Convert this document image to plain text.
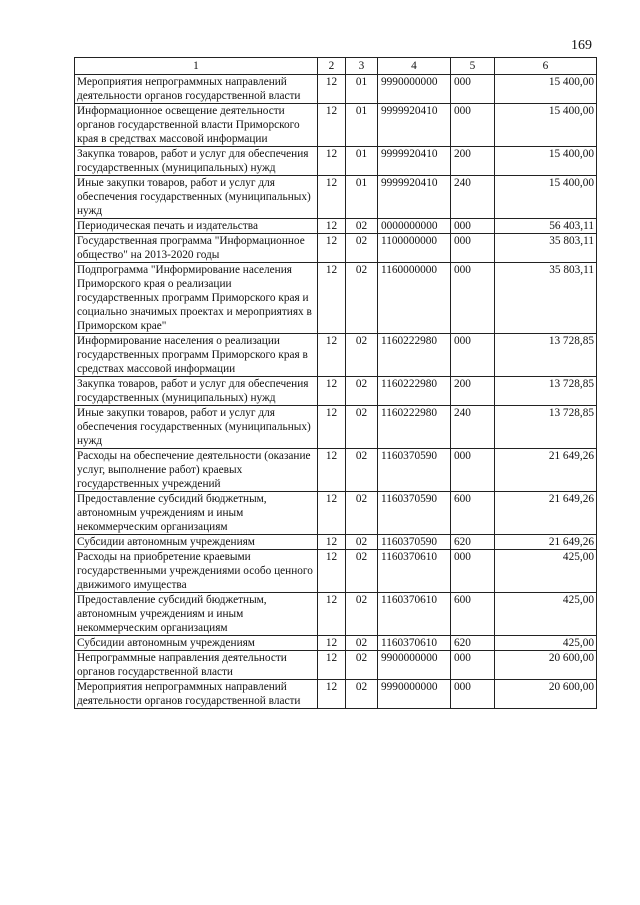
169
1	2	3	4	5	6
Мероприятия непрограммных направлений деятельности органов государственной власти	12	01	9990000000	000	15 400,00
Информационное освещение деятельности органов государственной власти Приморского края в средствах массовой информации	12	01	9999920410	000	15 400,00
Закупка товаров, работ и услуг для обеспечения государственных (муниципальных) нужд	12	01	9999920410	200	15 400,00
Иные закупки товаров, работ и услуг для обеспечения государственных (муниципальных) нужд	12	01	9999920410	240	15 400,00
Периодическая печать и издательства	12	02	0000000000	000	56 403,11
Государственная программа "Информационное общество" на 2013-2020 годы	12	02	1100000000	000	35 803,11
Подпрограмма "Информирование населения Приморского края о реализации государственных программ Приморского края и социально значимых проектах и мероприятиях в Приморском крае"	12	02	1160000000	000	35 803,11
Информирование населения о реализации государственных программ Приморского края в средствах массовой информации	12	02	1160222980	000	13 728,85
Закупка товаров, работ и услуг для обеспечения государственных (муниципальных) нужд	12	02	1160222980	200	13 728,85
Иные закупки товаров, работ и услуг для обеспечения государственных (муниципальных) нужд	12	02	1160222980	240	13 728,85
Расходы на обеспечение деятельности (оказание услуг, выполнение работ) краевых государственных учреждений	12	02	1160370590	000	21 649,26
Предоставление субсидий бюджетным, автономным учреждениям и иным некоммерческим организациям	12	02	1160370590	600	21 649,26
Субсидии автономным учреждениям	12	02	1160370590	620	21 649,26
Расходы на приобретение краевыми государственными учреждениями особо ценного движимого имущества	12	02	1160370610	000	425,00
Предоставление субсидий бюджетным, автономным учреждениям и иным некоммерческим организациям	12	02	1160370610	600	425,00
Субсидии автономным учреждениям	12	02	1160370610	620	425,00
Непрограммные направления деятельности органов государственной власти	12	02	9900000000	000	20 600,00
Мероприятия непрограммных направлений деятельности органов государственной власти	12	02	9990000000	000	20 600,00
